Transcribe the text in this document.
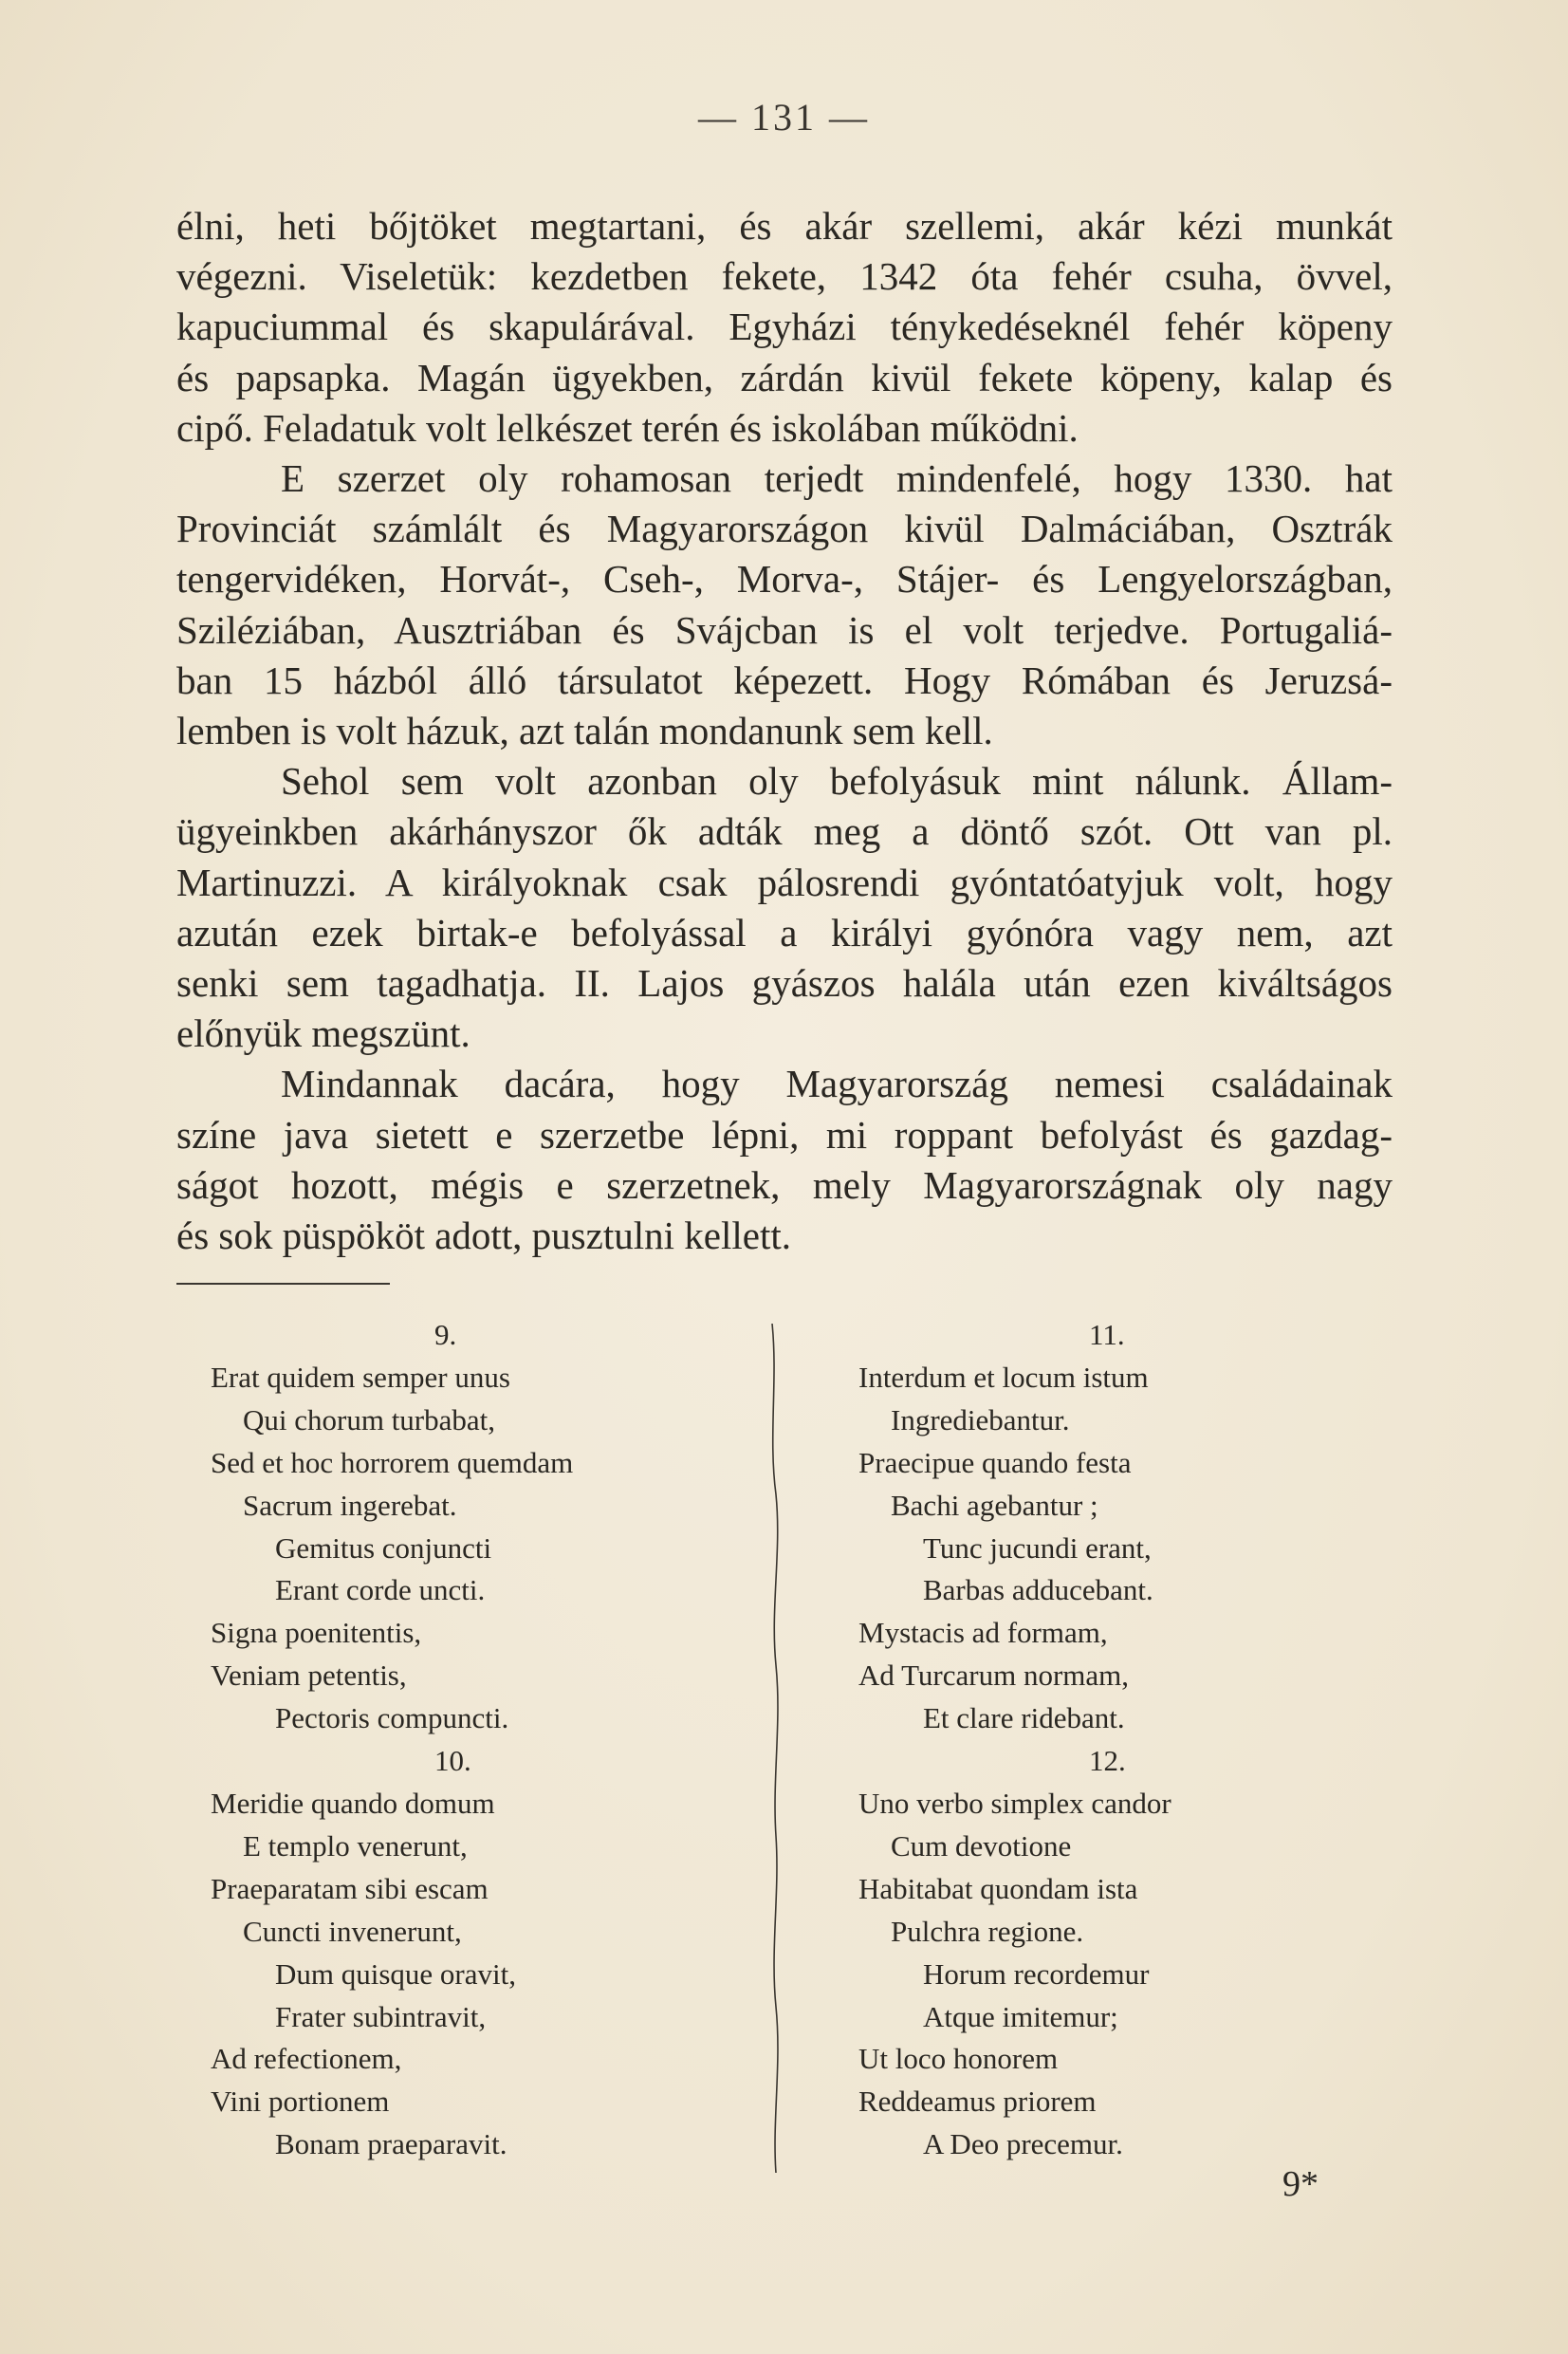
— 131 —
élni, heti bőjtöket megtartani, és akár szellemi, akár kézi munkát
végezni. Viseletük: kezdetben fekete, 1342 óta fehér csuha, övvel,
kapuciummal és skapulárával. Egyházi ténykedéseknél fehér köpeny
és papsapka. Magán ügyekben, zárdán kivül fekete köpeny, kalap és
cipő. Feladatuk volt lelkészet terén és iskolában működni.
E szerzet oly rohamosan terjedt mindenfelé, hogy 1330. hat
Provinciát számlált és Magyarországon kivül Dalmáciában, Osztrák
tengervidéken, Horvát-, Cseh-, Morva-, Stájer- és Lengyelországban,
Sziléziában, Ausztriában és Svájcban is el volt terjedve. Portugaliá-
ban 15 házból álló társulatot képezett. Hogy Rómában és Jeruzsá-
lemben is volt házuk, azt talán mondanunk sem kell.
Sehol sem volt azonban oly befolyásuk mint nálunk. Állam-
ügyeinkben akárhányszor ők adták meg a döntő szót. Ott van pl.
Martinuzzi. A királyoknak csak pálosrendi gyóntatóatyjuk volt, hogy
azután ezek birtak-e befolyással a királyi gyónóra vagy nem, azt
senki sem tagadhatja. II. Lajos gyászos halála után ezen kiváltságos
előnyük megszünt.
Mindannak dacára, hogy Magyarország nemesi családainak
színe java sietett e szerzetbe lépni, mi roppant befolyást és gazdag-
ságot hozott, mégis e szerzetnek, mely Magyarországnak oly nagy
és sok püspököt adott, pusztulni kellett.
9.
Erat quidem semper unus
Qui chorum turbabat,
Sed et hoc horrorem quemdam
Sacrum ingerebat.
Gemitus conjuncti
Erant corde uncti.
Signa poenitentis,
Veniam petentis,
Pectoris compuncti.
10.
Meridie quando domum
E templo venerunt,
Praeparatam sibi escam
Cuncti invenerunt,
Dum quisque oravit,
Frater subintravit,
Ad refectionem,
Vini portionem
Bonam praeparavit.
11.
Interdum et locum istum
Ingrediebantur.
Praecipue quando festa
Bachi agebantur ;
Tunc jucundi erant,
Barbas adducebant.
Mystacis ad formam,
Ad Turcarum normam,
Et clare ridebant.
12.
Uno verbo simplex candor
Cum devotione
Habitabat quondam ista
Pulchra regione.
Horum recordemur
Atque imitemur;
Ut loco honorem
Reddeamus priorem
A Deo precemur.
9*
